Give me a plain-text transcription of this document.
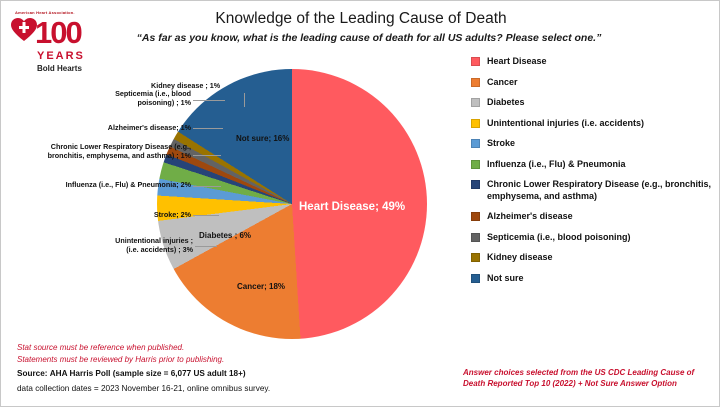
American Heart Association.
100
YEARS
Bold Hearts
Knowledge of the Leading Cause of Death
“As far as you know, what is the leading cause of death for all US adults? Please select one.”
Heart Disease; 49%
Cancer; 18%
Diabetes ; 6%
Not sure; 16%
Unintentional injuries ;
(i.e. accidents) ; 3%
Stroke; 2%
Influenza (i.e., Flu) & Pneumonia; 2%
Chronic Lower Respiratory Disease (e.g.,
bronchitis, emphysema, and asthma) ; 1%
Alzheimer's disease; 1%
Septicemia (i.e., blood
poisoning) ; 1%
Kidney disease ; 1%
Heart Disease
Cancer
Diabetes
Unintentional injuries (i.e. accidents)
Stroke
Influenza (i.e., Flu) & Pneumonia
Chronic Lower Respiratory Disease (e.g., bronchitis, emphysema, and asthma)
Alzheimer's disease
Septicemia (i.e., blood poisoning)
Kidney disease
Not sure
Stat source must be reference when published.
Statements must be reviewed by Harris prior to publishing.
Source: AHA Harris Poll (sample size = 6,077 US adult 18+)
data collection dates = 2023 November 16-21, online omnibus survey.
Answer choices selected from the US CDC Leading Cause of
Death Reported Top 10 (2022) + Not Sure Answer Option
